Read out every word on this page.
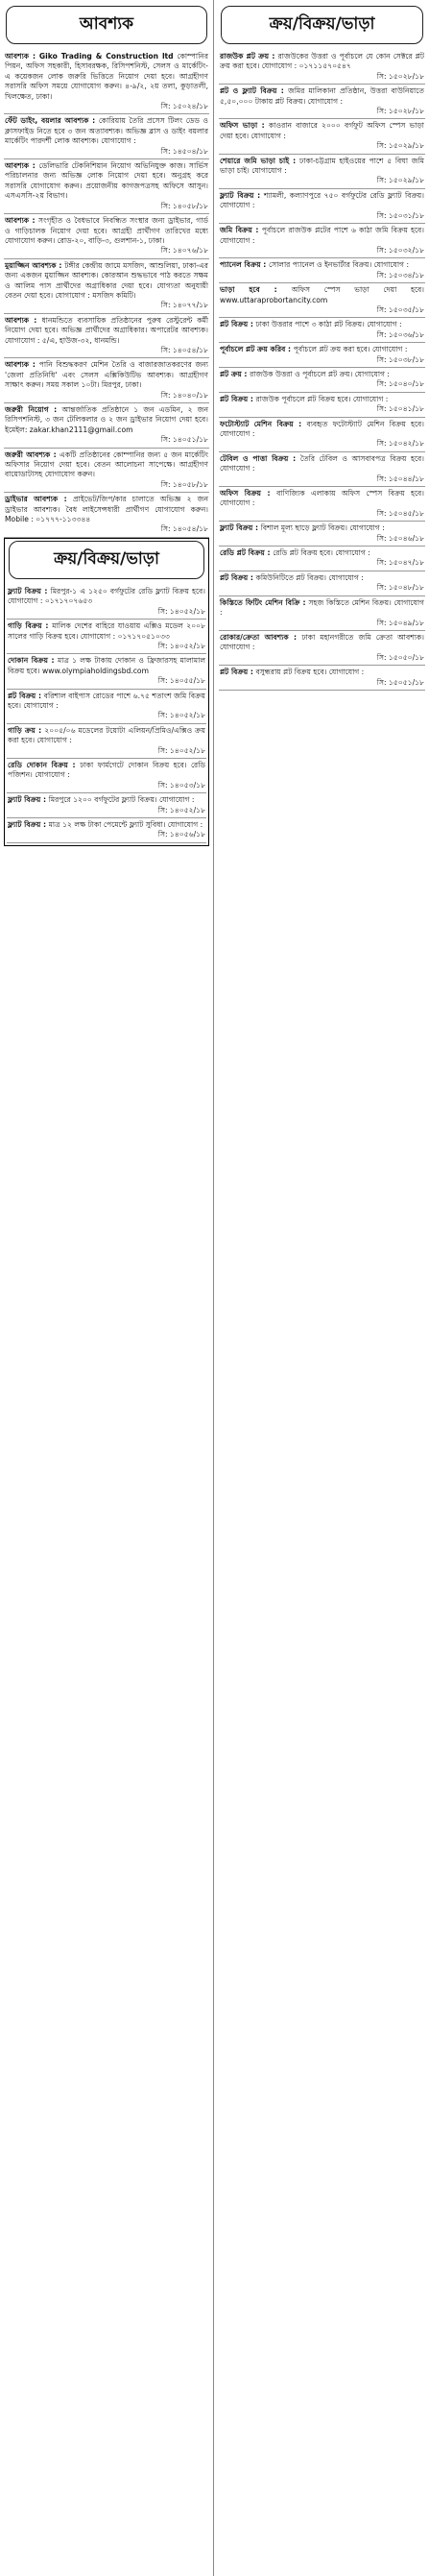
আবশ্যক
আবশ্যক : Giko Trading & Construction ltd কোম্পানির পিয়ন, অফিস সহকারী, হিসাবরক্ষক, রিসিপশনিস্ট, সেলস ও মার্কেটিং-এ কয়েকজন লোক জরুরি ভিত্তিতে নিয়োগ দেয়া হবে। আগ্রহীগণ সরাসরি অফিস সময়ে যোগাযোগ করুন। ৪-৯/২, ২য় তলা, কুড়াতলী, খিলক্ষেত, ঢাকা।
সি: ১৫০২৪/১৮
ফেঁট ডাইং, বয়লার আবশ্যক : কোরিয়ায় তৈরি প্রসেস টিলং ডেড ও ক্লাসফাইড নিতে হবে ৩ জন অত্যাবশ্যক। অভিজ্ঞ ব্লাস ও ডাইং বয়লার মার্কেটিং পারদর্শী লোক আবশ্যক। যোগাযোগ :
সি: ১৪৫০৪/১৮
আবশ্যক : ডেলিভারি টেকনিশিয়ান নিয়োগ অভিনিযুক্ত কাজ। সার্ভিস পরিচালনার জন্য অভিজ্ঞ লোক নিয়োগ দেয়া হবে। অনুগ্রহ করে সরাসরি যোগাযোগ করুন। প্রয়োজনীয় কাগজপত্রসহ অফিসে আসুন। এসএসসি-২য় বিভাগ।
সি: ১৪০৫৮/১৮
আবশ্যক : সংগৃহীত ও বৈধভাবে নিবন্ধিত সংস্থার জন্য ড্রাইভার, গার্ড ও গাড়িচালক নিয়োগ দেয়া হবে। আগ্রহী প্রার্থীগণ তারিখের মধ্যে যোগাযোগ করুন। রোড-২০, বাড়ি-৩, গুলশান-১, ঢাকা।
সি: ১৪০৭৬/১৮
মুয়াজ্জিন আবশ্যক : টঙ্গীর কেন্দ্রীয় জামে মসজিদ, আশুলিয়া, ঢাকা-এর জন্য একজন মুয়াজ্জিন আবশ্যক। কোরআন শুদ্ধভাবে পাঠ করতে সক্ষম ও আলিম পাস প্রার্থীদের অগ্রাধিকার দেয়া হবে। যোগ্যতা অনুযায়ী বেতন দেয়া হবে। যোগাযোগ : মসজিদ কমিটি।
সি: ১৪০৭৭/১৮
আবশ্যক : ধানমন্ডিতে ব্যবসায়িক প্রতিষ্ঠানের পুরুষ রেস্টুরেন্ট কর্মী নিয়োগ দেয়া হবে। অভিজ্ঞ প্রার্থীদের অগ্রাধিকার। অপারেটর আবশ্যক। যোগাযোগ : ৫/এ, হাউজ-৩২, ধানমন্ডি।
সি: ১৪০৫৪/১৮
আবশ্যক : পানি বিশুদ্ধকরণ মেশিন তৈরি ও বাজারজাতকরণের জন্য 'জেলা প্রতিনিধি' এবং সেলস এক্সিকিউটিভ আবশ্যক। আগ্রহীগণ সাক্ষাৎ করুন। সময় সকাল ১০টা। মিরপুর, ঢাকা।
সি: ১৪০৪০/১৮
জরুরী নিয়োগ : আন্তর্জাতিক প্রতিষ্ঠানে ১ জন এডমিন, ২ জন রিসিপশনিস্ট, ৩ জন টেলিকলার ও ২ জন ড্রাইভার নিয়োগ দেয়া হবে। ইমেইল: zakar.khan2111@gmail.com
সি: ১৪০৫১/১৮
জরুরী আবশ্যক : একটি প্রতিষ্ঠানের কোম্পানির জন্য ৫ জন মার্কেটিং অফিসার নিয়োগ দেয়া হবে। বেতন আলোচনা সাপেক্ষে। আগ্রহীগণ বায়োডাটাসহ যোগাযোগ করুন।
সি: ১৪০৫৮/১৮
ড্রাইভার আবশ্যক : প্রাইভেট/জিপ/কার চালাতে অভিজ্ঞ ২ জন ড্রাইভার আবশ্যক। বৈধ লাইসেন্সধারী প্রার্থীগণ যোগাযোগ করুন। Mobile : ০১৭৭৭-১১৩৩৪৪
সি: ১৪০৫৪/১৮
ক্রয়/বিক্রয়/ভাড়া
ফ্ল্যাট বিক্রয় : মিরপুর-১ এ ১২৫০ বর্গফুটের রেডি ফ্ল্যাট বিক্রয় হবে। যোগাযোগ : ০১৭১৭০৭৬৫৩
সি: ১৪০৫২/১৮
গাড়ি বিক্রয় : মালিক দেশের বাহিরে যাওয়ায় এক্সিও মডেল ২০০৮ সালের গাড়ি বিক্রয় হবে। যোগাযোগ : ০১৭১৭০৫১০৩৩
সি: ১৪০৫২/১৮
দোকান বিক্রয় : মাত্র ১ লক্ষ টাকায় দোকান ও ফ্রিজারসহ মালামাল বিক্রয় হবে। www.olympiaholdingsbd.com
সি: ১৪০৫৫/১৮
প্লট বিক্রয় : বরিশাল বাইপাস রোডের পাশে ৬.৭৫ শতাংশ জমি বিক্রয় হবে। যোগাযোগ :
সি: ১৪০৫২/১৮
গাড়ি ক্রয় : ২০০৫/০৬ মডেলের টয়োটা এলিয়ন/প্রিমিও/এক্সিও ক্রয় করা হবে। যোগাযোগ :
সি: ১৪০৫২/১৮
রেডি দোকান বিক্রয় : ঢাকা ফার্মগেটে দোকান বিক্রয় হবে। রেডি পজিশন। যোগাযোগ :
সি: ১৪০৫৩/১৮
ফ্ল্যাট বিক্রয় : মিরপুরে ১২০০ বর্গফুটের ফ্ল্যাট বিক্রয়। যোগাযোগ :
সি: ১৪০৫২/১৮
ফ্ল্যাট বিক্রয় : মাত্র ১২ লক্ষ টাকা পেমেন্টে ফ্ল্যাট সুবিধা। যোগাযোগ :
সি: ১৪০৫৬/১৮
ক্রয়/বিক্রয়/ভাড়া
রাজউক প্লট ক্রয় : রাজউকের উত্তরা ও পূর্বাচলে যে কোন সেক্টরে প্লট ক্রয় করা হবে। যোগাযোগ : ০১৭১১৫৭০৫৪৭
সি: ১৫০২৮/১৮
প্লট ও ফ্ল্যাট বিক্রয় : জমির মালিকানা প্রতিষ্ঠান, উত্তরা বাউনিয়াতে ৫,৫০,০০০ টাকায় প্লট বিক্রয়। যোগাযোগ :
সি: ১৫০২৮/১৮
অফিস ভাড়া : কাওরান বাজারে ২০০০ বর্গফুট অফিস স্পেস ভাড়া দেয়া হবে। যোগাযোগ :
সি: ১৫০২৯/১৮
শেয়ারে জমি ভাড়া চাই : ঢাকা-চট্টগ্রাম হাইওয়ের পাশে ৫ বিঘা জমি ভাড়া চাই। যোগাযোগ :
সি: ১৫০২৯/১৮
ফ্ল্যাট বিক্রয় : শ্যামলী, কল্যাণপুরে ৭৫০ বর্গফুটের রেডি ফ্ল্যাট বিক্রয়। যোগাযোগ :
সি: ১৫০৩১/১৮
জমি বিক্রয় : পূর্বাচলে রাজউক প্লটের পাশে ৬ কাঠা জমি বিক্রয় হবে। যোগাযোগ :
সি: ১৫০৩২/১৮
প্যানেল বিক্রয় : সোলার প্যানেল ও ইনভার্টার বিক্রয়। যোগাযোগ :
সি: ১৫০৩৪/১৮
ভাড়া হবে : অফিস স্পেস ভাড়া দেয়া হবে। www.uttaraprobortancity.com
সি: ১৫০৩৫/১৮
প্লট বিক্রয় : ঢাকা উত্তরার পাশে ৩ কাঠা প্লট বিক্রয়। যোগাযোগ :
সি: ১৫০৩৬/১৮
পূর্বাচলে প্লট ক্রয় করিব : পূর্বাচলে প্লট ক্রয় করা হবে। যোগাযোগ :
সি: ১৫০৩৮/১৮
প্লট ক্রয় : রাজউক উত্তরা ও পূর্বাচলে প্লট ক্রয়। যোগাযোগ :
সি: ১৫০৪০/১৮
প্লট বিক্রয় : রাজউক পূর্বাচলে প্লট বিক্রয় হবে। যোগাযোগ :
সি: ১৫০৪১/১৮
ফটোস্ট্যাট মেশিন বিক্রয় : ব্যবহৃত ফটোস্ট্যাট মেশিন বিক্রয় হবে। যোগাযোগ :
সি: ১৫০৪২/১৮
টেবিল ও পাত্তা বিক্রয় : তৈরি টেবিল ও আসবাবপত্র বিক্রয় হবে। যোগাযোগ :
সি: ১৫০৪৪/১৮
অফিস বিক্রয় : বাণিজ্যিক এলাকায় অফিস স্পেস বিক্রয় হবে। যোগাযোগ :
সি: ১৫০৪৫/১৮
ফ্ল্যাট বিক্রয় : বিশাল মূল্য ছাড়ে ফ্ল্যাট বিক্রয়। যোগাযোগ :
সি: ১৫০৪৬/১৮
রেডি প্লট বিক্রয় : রেডি প্লট বিক্রয় হবে। যোগাযোগ :
সি: ১৫০৪৭/১৮
প্লট বিক্রয় : কমিউনিটিতে প্লট বিক্রয়। যোগাযোগ :
সি: ১৫০৪৮/১৮
কিস্তিতে ফিটিং মেশিন বিক্রি : সহজ কিস্তিতে মেশিন বিক্রয়। যোগাযোগ :
সি: ১৫০৪৯/১৮
রোকার/ক্রেতা আবশ্যক : ঢাকা মহানগরীতে জমি ক্রেতা আবশ্যক। যোগাযোগ :
সি: ১৫০৫০/১৮
প্লট বিক্রয় : বসুন্ধরায় প্লট বিক্রয় হবে। যোগাযোগ :
সি: ১৫০৫১/১৮
